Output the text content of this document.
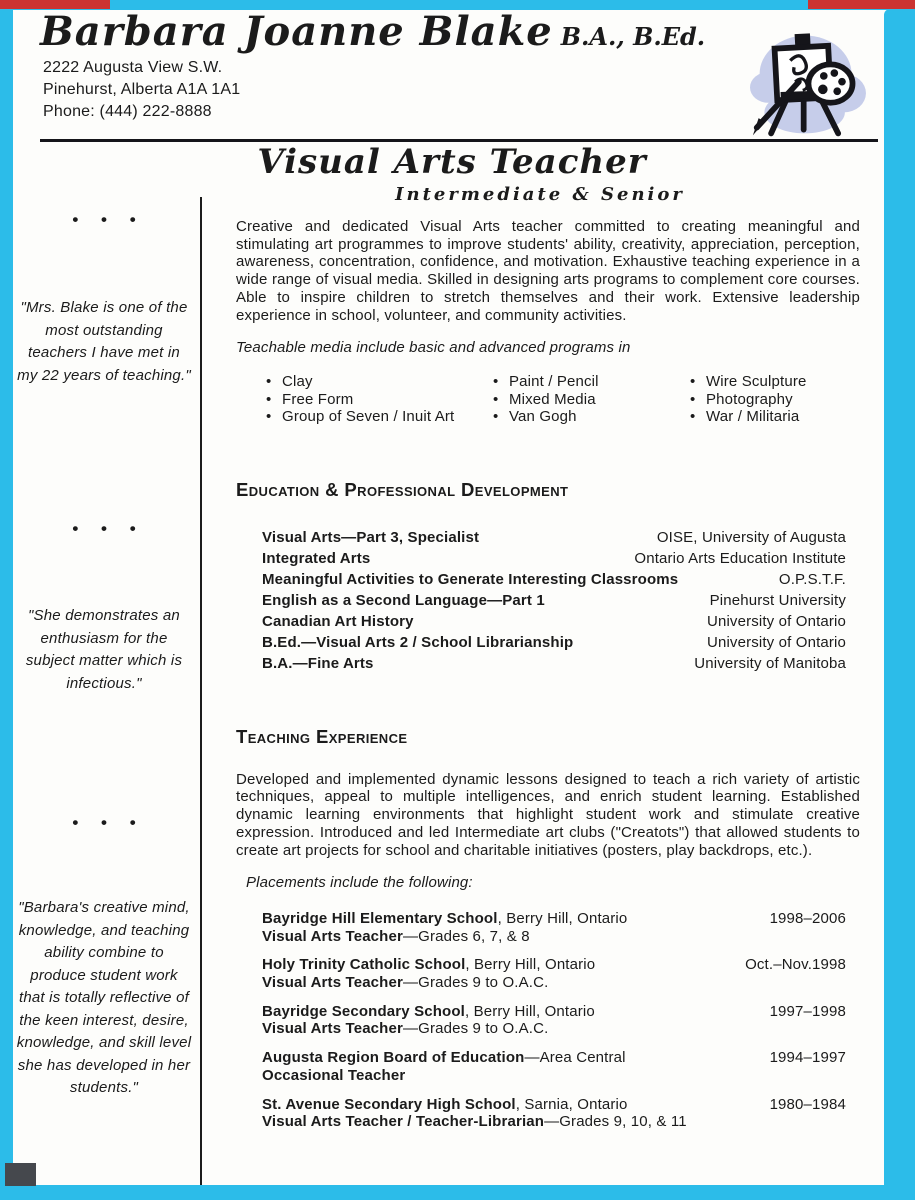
Barbara Joanne Blake B.A., B.Ed.
2222 Augusta View S.W.
Pinehurst, Alberta A1A 1A1
Phone: (444) 222-8888
Visual Arts Teacher
Intermediate & Senior
• • •
"Mrs. Blake is one of the most outstanding teachers I have met in my 22 years of teaching."
• • •
"She demonstrates an enthusiasm for the subject matter which is infectious."
• • •
"Barbara's creative mind, knowledge, and teaching ability combine to produce student work that is totally reflective of the keen interest, desire, knowledge, and skill level she has developed in her students."

Creative and dedicated Visual Arts teacher committed to creating meaningful and stimulating art programmes to improve students' ability, creativity, appreciation, perception, awareness, concentration, confidence, and motivation. Exhaustive teaching experience in a wide range of visual media. Skilled in designing arts programs to complement core courses. Able to inspire children to stretch themselves and their work. Extensive leadership experience in school, volunteer, and community activities.

Teachable media include basic and advanced programs in
• Clay
• Free Form
• Group of Seven / Inuit Art
• Paint / Pencil
• Mixed Media
• Van Gogh
• Wire Sculpture
• Photography
• War / Militaria
Education & Professional Development
Visual Arts—Part 3, Specialist	OISE, University of Augusta
Integrated Arts	Ontario Arts Education Institute
Meaningful Activities to Generate Interesting Classrooms	O.P.S.T.F.
English as a Second Language—Part 1	Pinehurst University
Canadian Art History	University of Ontario
B.Ed.—Visual Arts 2 / School Librarianship	University of Ontario
B.A.—Fine Arts	University of Manitoba
Teaching Experience

Developed and implemented dynamic lessons designed to teach a rich variety of artistic techniques, appeal to multiple intelligences, and enrich student learning. Established dynamic learning environments that highlight student work and stimulate creative expression. Introduced and led Intermediate art clubs ("Creatots") that allowed students to create art projects for school and charitable initiatives (posters, play backdrops, etc.).

Placements include the following:
Bayridge Hill Elementary School, Berry Hill, Ontario	1998–2006
Visual Arts Teacher—Grades 6, 7, & 8
Holy Trinity Catholic School, Berry Hill, Ontario	Oct.–Nov.1998
Visual Arts Teacher—Grades 9 to O.A.C.
Bayridge Secondary School, Berry Hill, Ontario	1997–1998
Visual Arts Teacher—Grades 9 to O.A.C.
Augusta Region Board of Education—Area Central	1994–1997
Occasional Teacher
St. Avenue Secondary High School, Sarnia, Ontario	1980–1984
Visual Arts Teacher / Teacher-Librarian—Grades 9, 10, & 11
